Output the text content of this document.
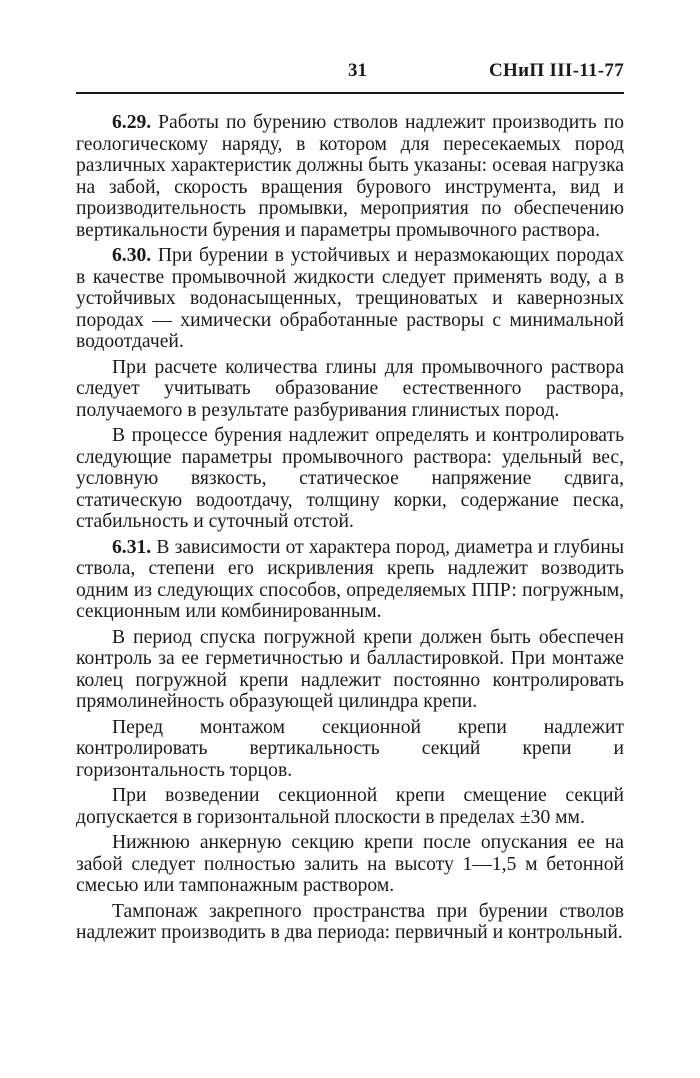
31	СНиП III-11-77

6.29. Работы по бурению стволов надлежит производить по геологическому наряду, в котором для пересекаемых пород различных характеристик должны быть указаны: осевая нагрузка на забой, скорость вращения бурового инструмента, вид и производительность промывки, мероприятия по обеспечению вертикальности бурения и параметры промывочного раствора.

6.30. При бурении в устойчивых и неразмокающих породах в качестве промывочной жидкости следует применять воду, а в устойчивых водонасыщенных, трещиноватых и кавернозных породах — химически обработанные растворы с минимальной водоотдачей.

При расчете количества глины для промывочного раствора следует учитывать образование естественного раствора, получаемого в результате разбуривания глинистых пород.

В процессе бурения надлежит определять и контролировать следующие параметры промывочного раствора: удельный вес, условную вязкость, статическое напряжение сдвига, статическую водоотдачу, толщину корки, содержание песка, стабильность и суточный отстой.

6.31. В зависимости от характера пород, диаметра и глубины ствола, степени его искривления крепь надлежит возводить одним из следующих способов, определяемых ППР: погружным, секционным или комбинированным.

В период спуска погружной крепи должен быть обеспечен контроль за ее герметичностью и балластировкой. При монтаже колец погружной крепи надлежит постоянно контролировать прямолинейность образующей цилиндра крепи.

Перед монтажом секционной крепи надлежит контролировать вертикальность секций крепи и горизонтальность торцов.

При возведении секционной крепи смещение секций допускается в горизонтальной плоскости в пределах ±30 мм.

Нижнюю анкерную секцию крепи после опускания ее на забой следует полностью залить на высоту 1—1,5 м бетонной смесью или тампонажным раствором.

Тампонаж закрепного пространства при бурении стволов надлежит производить в два периода: первичный и контрольный.
